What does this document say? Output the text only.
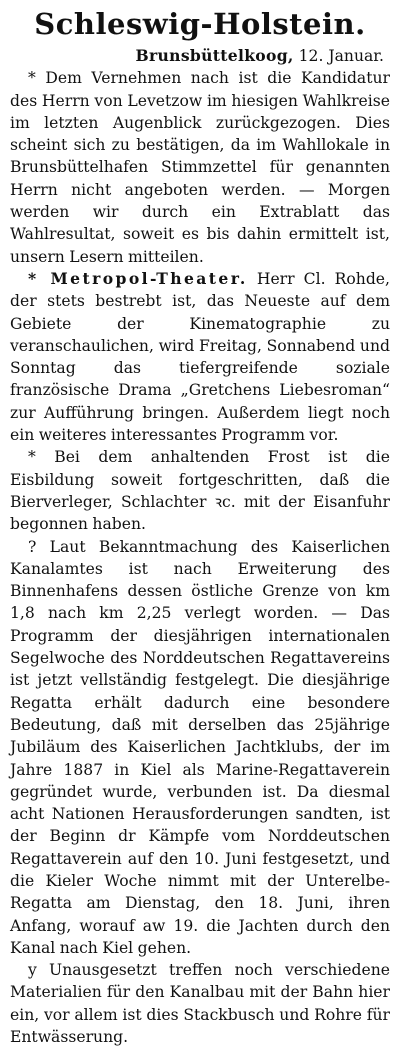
Schleswig-Holstein.
Brunsbüttelkoog, 12. Januar.

* Dem Vernehmen nach ist die Kandidatur des Herrn von Levetzow im hiesigen Wahlkreise im letzten Augenblick zurückgezogen. Dies scheint sich zu bestätigen, da im Wahllokale in Brunsbüttelhafen Stimmzettel für genannten Herrn nicht angeboten werden. — Morgen werden wir durch ein Extrablatt das Wahlresultat, soweit es bis dahin ermittelt ist, unsern Lesern mitteilen.

* Metropol-Theater. Herr Cl. Rohde, der stets bestrebt ist, das Neueste auf dem Gebiete der Kinematographie zu veranschaulichen, wird Freitag, Sonnabend und Sonntag das tiefergreifende soziale französische Drama „Gretchens Liebesroman“ zur Aufführung bringen. Außerdem liegt noch ein weiteres interessantes Programm vor.

* Bei dem anhaltenden Frost ist die Eisbildung soweit fortgeschritten, daß die Bierverleger, Schlachter ꝛc. mit der Eisanfuhr begonnen haben.

? Laut Bekanntmachung des Kaiserlichen Kanalamtes ist nach Erweiterung des Binnenhafens dessen östliche Grenze von km 1,8 nach km 2,25 verlegt worden. — Das Programm der diesjährigen internationalen Segelwoche des Norddeutschen Regattavereins ist jetzt vellständig festgelegt. Die diesjährige Regatta erhält dadurch eine besondere Bedeutung, daß mit derselben das 25jährige Jubiläum des Kaiserlichen Jachtklubs, der im Jahre 1887 in Kiel als Marine-Regattaverein gegründet wurde, verbunden ist. Da diesmal acht Nationen Herausforderungen sandten, ist der Beginn dr Kämpfe vom Norddeutschen Regattaverein auf den 10. Juni festgesetzt, und die Kieler Woche nimmt mit der Unterelbe-Regatta am Dienstag, den 18. Juni, ihren Anfang, worauf aw 19. die Jachten durch den Kanal nach Kiel gehen.

y Unausgesetzt treffen noch verschiedene Materialien für den Kanalbau mit der Bahn hier ein, vor allem ist dies Stackbusch und Rohre für Entwässerung.
